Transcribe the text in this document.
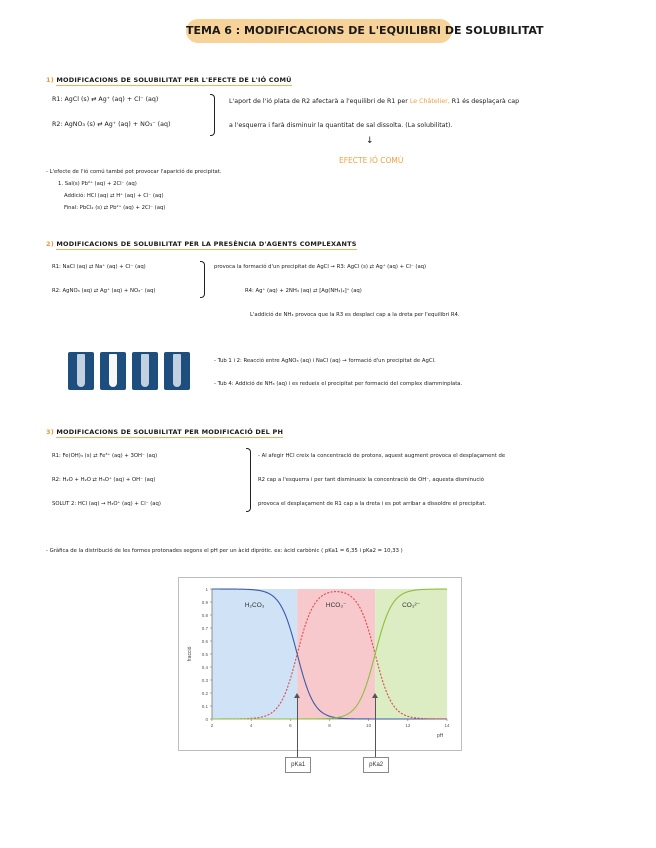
TEMA 6 : MODIFICACIONS DE L'EQUILIBRI DE SOLUBILITAT
1) MODIFICACIONS DE SOLUBILITAT PER L'EFECTE DE L'IÓ COMÚ
R1: AgCl (s) ⇄ Ag⁺ (aq) + Cl⁻ (aq)
R2: AgNO₃ (s) ⇄ Ag⁺ (aq) + NO₃⁻ (aq)
L'aport de l'ió plata de R2 afectarà a l'equilibri de R1 per Le Châtelier, R1 és desplaçarà cap
a l'esquerra i farà disminuir la quantitat de sal dissolta. (La solubilitat).
↓
EFECTE IÓ COMÚ
- L'efecte de l'ió comú també pot provocar l'aparició de precipitat.
1. Sal(s) Pb²⁺ (aq) + 2Cl⁻ (aq)
Addició: HCl (aq) ⇄ H⁺ (aq) + Cl⁻ (aq)
Final: PbCl₂ (s) ⇄ Pb²⁺ (aq) + 2Cl⁻ (aq)
2) MODIFICACIONS DE SOLUBILITAT PER LA PRESÈNCIA D'AGENTS COMPLEXANTS
R1: NaCl (aq) ⇄ Na⁺ (aq) + Cl⁻ (aq)
R2: AgNO₃ (aq) ⇄ Ag⁺ (aq) + NO₃⁻ (aq)
provoca la formació d'un precipitat de AgCl → R3: AgCl (s) ⇄ Ag⁺ (aq) + Cl⁻ (aq)
R4: Ag⁺ (aq) + 2NH₃ (aq) ⇄ [Ag(NH₃)₂]⁺ (aq)
L'addició de NH₃ provoca que la R3 es desplaci cap a la dreta per l'equilibri R4.
- Tub 1 i 2: Reacció entre AgNO₃ (aq) i NaCl (aq) → formació d'un precipitat de AgCl.
- Tub 4: Addició de NH₃ (aq) i es redueix el precipitat per formació del complex diamminplata.
3) MODIFICACIONS DE SOLUBILITAT PER MODIFICACIÓ DEL PH
R1: Fe(OH)₃ (s) ⇄ Fe³⁺ (aq) + 3OH⁻ (aq)
R2: H₂O + H₂O ⇄ H₃O⁺ (aq) + OH⁻ (aq)
SOLUT 2: HCl (aq) → H₃O⁺ (aq) + Cl⁻ (aq)
- Al afegir HCl creix la concentració de protons, aquest augment provoca el desplaçament de
R2 cap a l'esquerra i per tant disminueix la concentració de OH⁻, aquesta disminució
provoca el desplaçament de R1 cap a la dreta i es pot arribar a dissoldre el precipitat.
- Gràfica de la distribució de les formes protonades segons el pH per un àcid diprótic. ex: àcid carbònic ( pKa1 = 6,35 i pKa2 = 10,33 )
0
0.1
0.2
0.3
0.4
0.5
0.6
0.7
0.8
0.9
1
2	4	6	8	10	12	14
pH
fracció
H₂CO₃	HCO₃⁻	CO₃²⁻
pKa1	pKa2
